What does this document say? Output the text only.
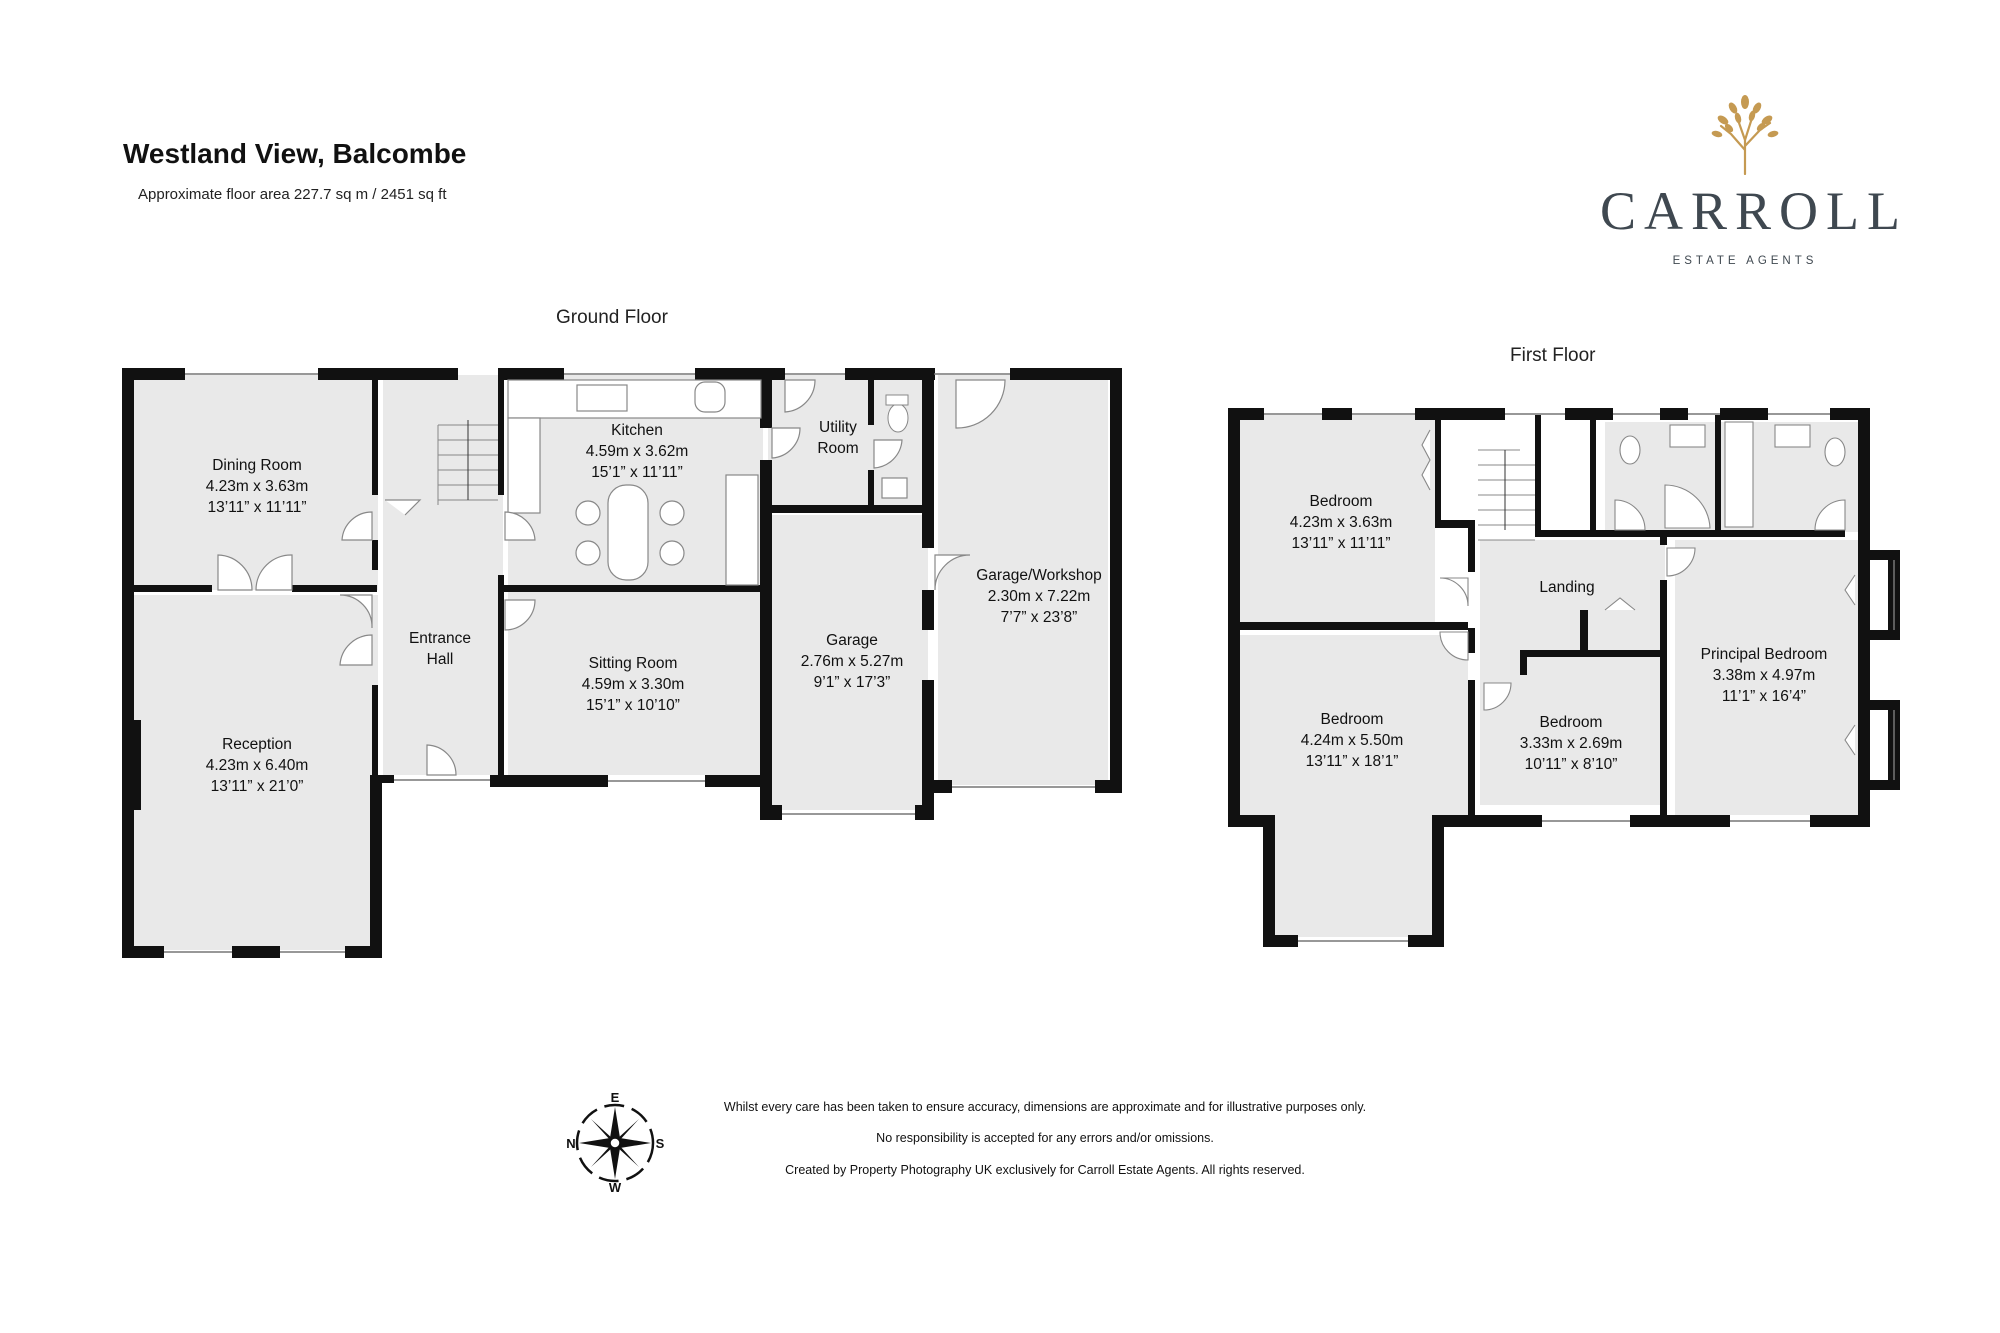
Westland View, Balcombe
Approximate floor area 227.7 sq m / 2451 sq ft
Ground Floor
First Floor
CARROLL
ESTATE AGENTS
Dining Room 4.23m x 3.63m 13’11” x 11’11”
Reception 4.23m x 6.40m 13’11” x 21’0”
Entrance Hall
Kitchen 4.59m x 3.62m 15’1” x 11’11”
Sitting Room 4.59m x 3.30m 15’1” x 10’10”
Utility Room
Garage 2.76m x 5.27m 9’1” x 17’3”
Garage/Workshop 2.30m x 7.22m 7’7” x 23’8”
Bedroom 4.23m x 3.63m 13’11” x 11’11”
Bedroom 4.24m x 5.50m 13’11” x 18’1”
Landing
Bedroom 3.33m x 2.69m 10’11” x 8’10”
Principal Bedroom 3.38m x 4.97m 11’1” x 16’4”
E
S
W
N
Whilst every care has been taken to ensure accuracy, dimensions are approximate and for illustrative purposes only.
No responsibility is accepted for any errors and/or omissions.
Created by Property Photography UK exclusively for Carroll Estate Agents. All rights reserved.
